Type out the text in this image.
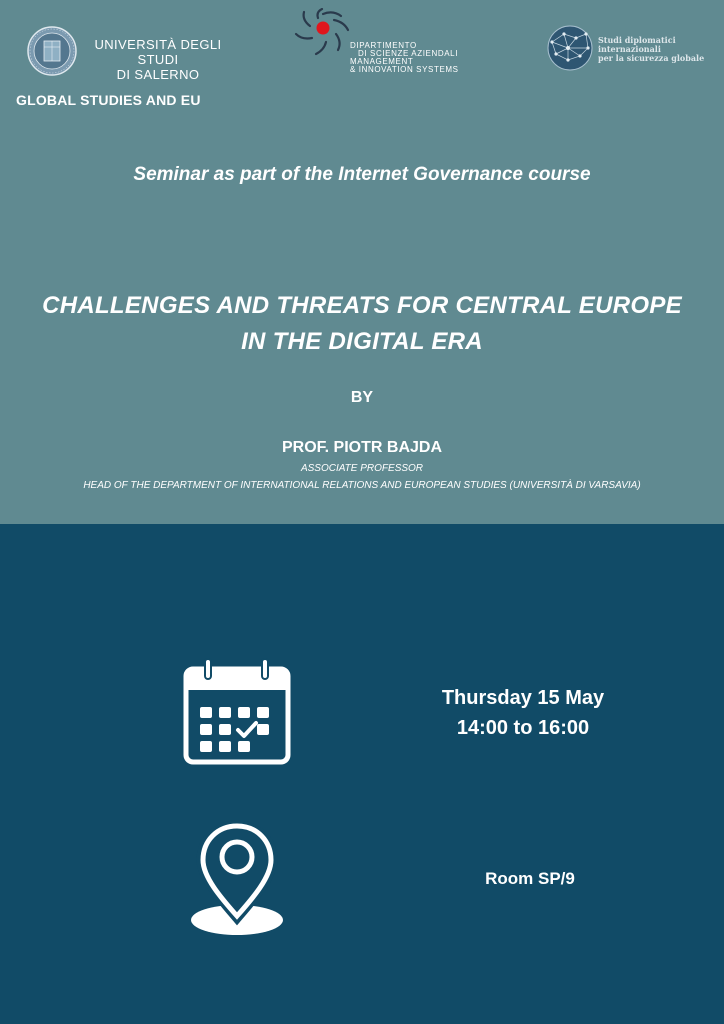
UNIVERSITÀ DEGLI STUDI
DI SALERNO
DIPARTIMENTO
DI SCIENZE AZIENDALI
MANAGEMENT
& INNOVATION SYSTEMS
Studi diplomatici
internazionali
per la sicurezza globale
GLOBAL STUDIES AND EU
Seminar as part of the Internet Governance course
CHALLENGES AND THREATS FOR CENTRAL EUROPE
IN THE DIGITAL ERA
BY
PROF. PIOTR BAJDA
ASSOCIATE PROFESSOR
HEAD OF THE DEPARTMENT OF INTERNATIONAL RELATIONS AND EUROPEAN STUDIES (UNIVERSITÀ DI VARSAVIA)
Thursday 15 May
14:00 to 16:00
Room SP/9
